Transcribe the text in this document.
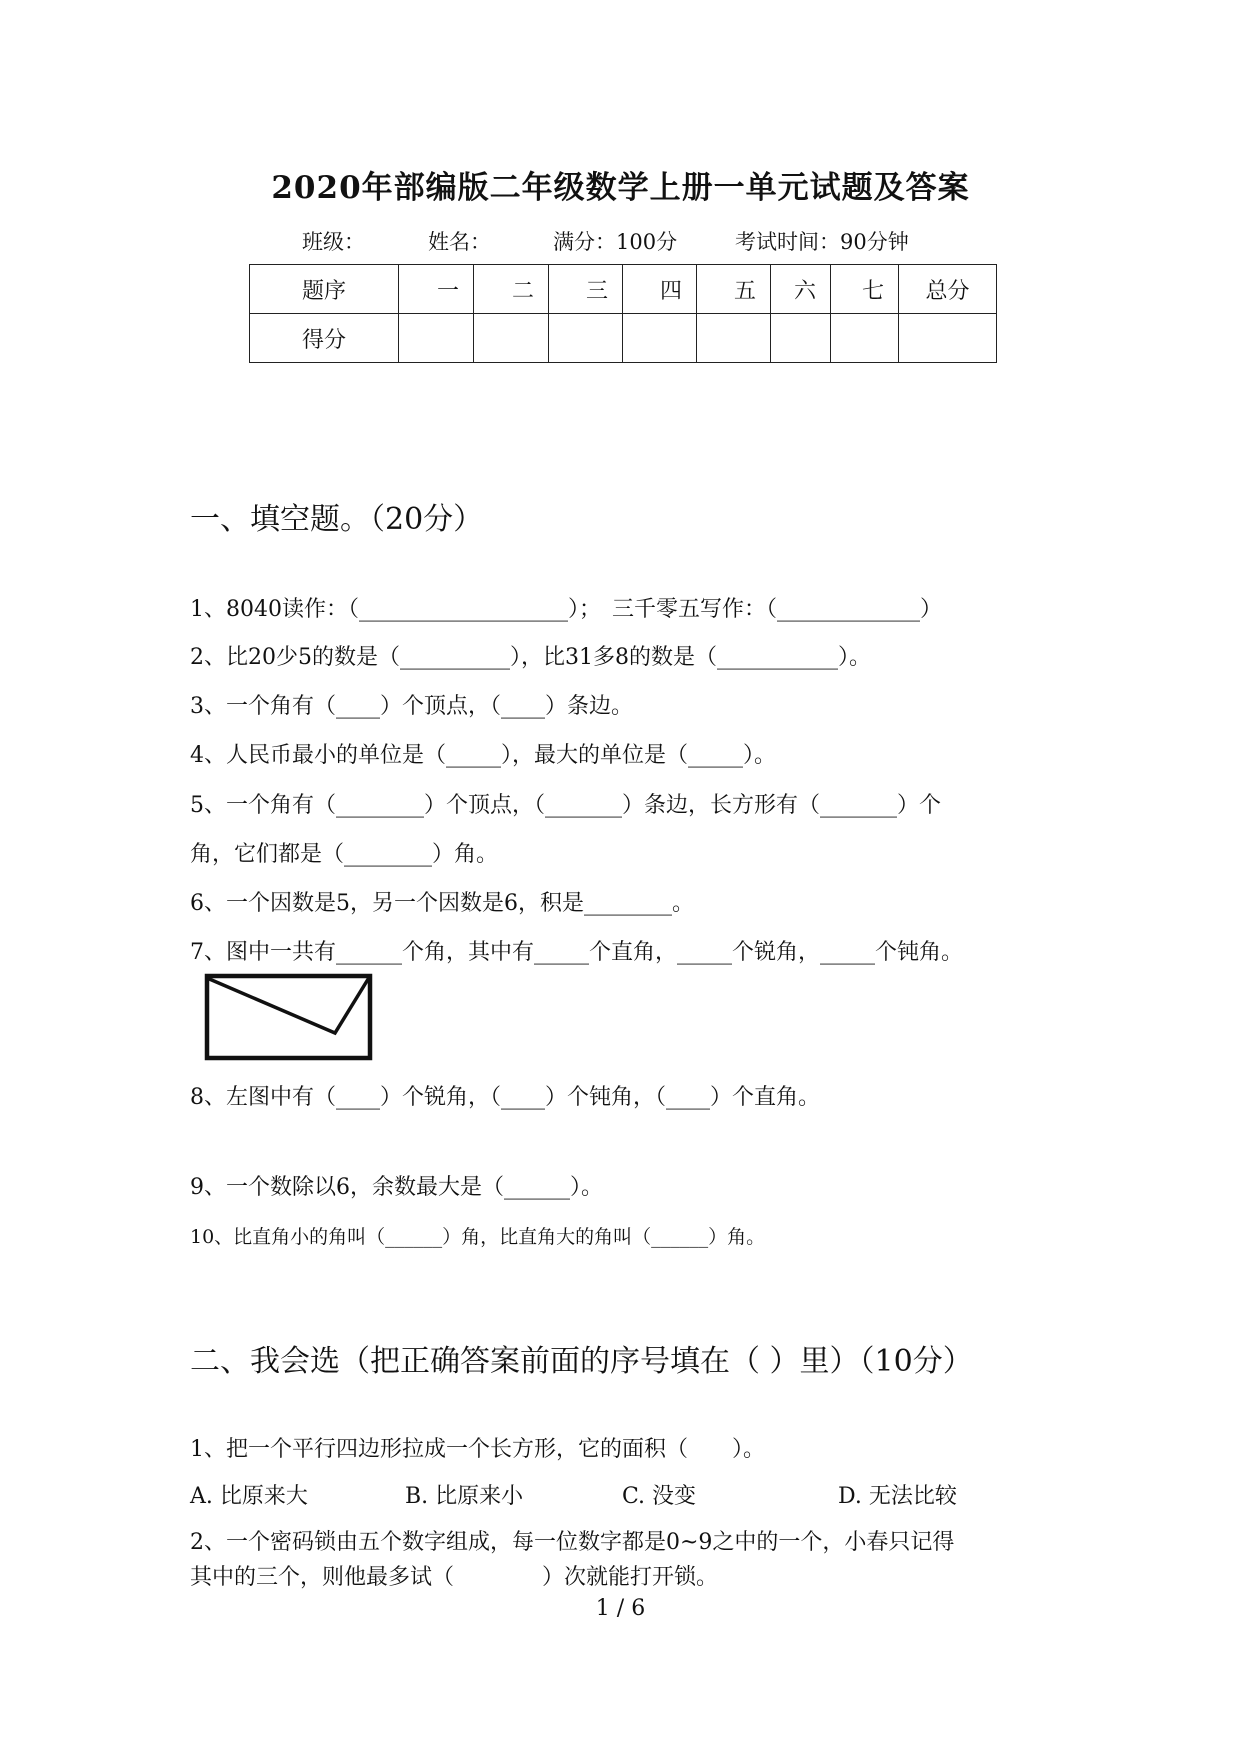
2020年部编版二年级数学上册一单元试题及答案
班级：	姓名：	满分：100分	考试时间：90分钟
题序	一	二	三	四	五	六	七	总分
得分								
一、填空题。（20分）
1、8040读作：（___________________）；　三千零五写作：（_____________）
2、比20少5的数是（__________），比31多8的数是（___________）。
3、一个角有（____）个顶点，（____）条边。
4、人民币最小的单位是（_____），最大的单位是（_____）。
5、一个角有（________）个顶点，（_______）条边，长方形有（_______）个
角，它们都是（________）角。
6、一个因数是5，另一个因数是6，积是________。
7、图中一共有______个角，其中有_____个直角，_____个锐角，_____个钝角。
8、左图中有（____）个锐角，（____）个钝角，（____）个直角。
9、一个数除以6，余数最大是（______）。
10、比直角小的角叫（______）角，比直角大的角叫（______）角。
二、我会选（把正确答案前面的序号填在（ ）里）（10分）
1、把一个平行四边形拉成一个长方形，它的面积（　　）。
A. 比原来大	B. 比原来小	C. 没变	D. 无法比较
2、一个密码锁由五个数字组成，每一位数字都是0~9之中的一个，小春只记得
其中的三个，则他最多试（　　　　）次就能打开锁。
1 / 6
